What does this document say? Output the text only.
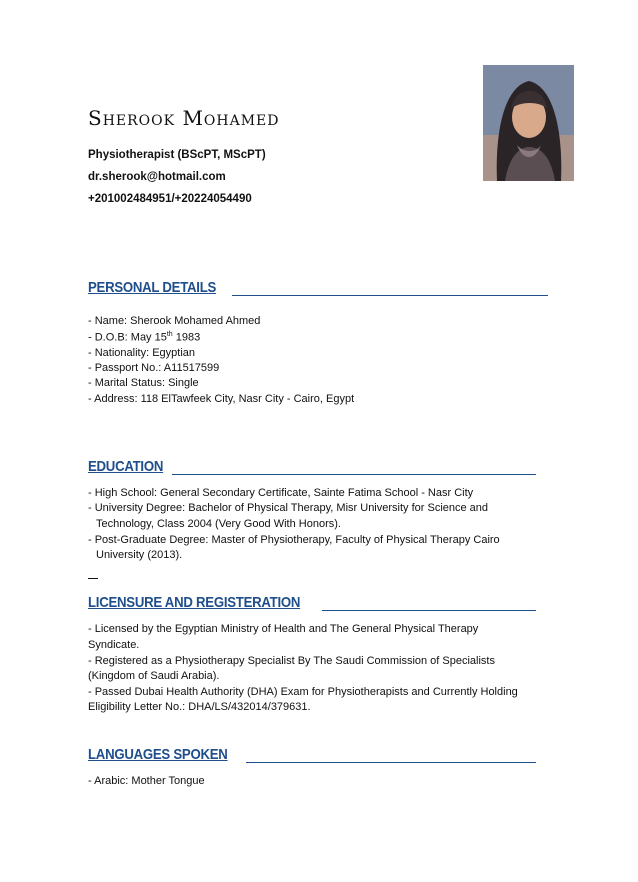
Sherook Mohamed
Physiotherapist (BScPT, MScPT)
dr.sherook@hotmail.com
+201002484951/+20224054490
PERSONAL DETAILS
- Name: Sherook Mohamed Ahmed
- D.O.B: May 15th 1983
- Nationality: Egyptian
- Passport No.: A11517599
- Marital Status: Single
- Address: 118 ElTawfeek City, Nasr City - Cairo, Egypt
EDUCATION
- High School: General Secondary Certificate, Sainte Fatima School - Nasr City
- University Degree: Bachelor of Physical Therapy, Misr University for Science and
Technology, Class 2004 (Very Good With Honors).
- Post-Graduate Degree: Master of Physiotherapy, Faculty of Physical Therapy Cairo
University (2013).
LICENSURE AND REGISTERATION
- Licensed by the Egyptian Ministry of Health and The General Physical Therapy
Syndicate.
- Registered as a Physiotherapy Specialist By The Saudi Commission of Specialists
(Kingdom of Saudi Arabia).
- Passed Dubai Health Authority (DHA) Exam for Physiotherapists and Currently Holding
Eligibility Letter No.: DHA/LS/432014/379631.
LANGUAGES SPOKEN
- Arabic: Mother Tongue
